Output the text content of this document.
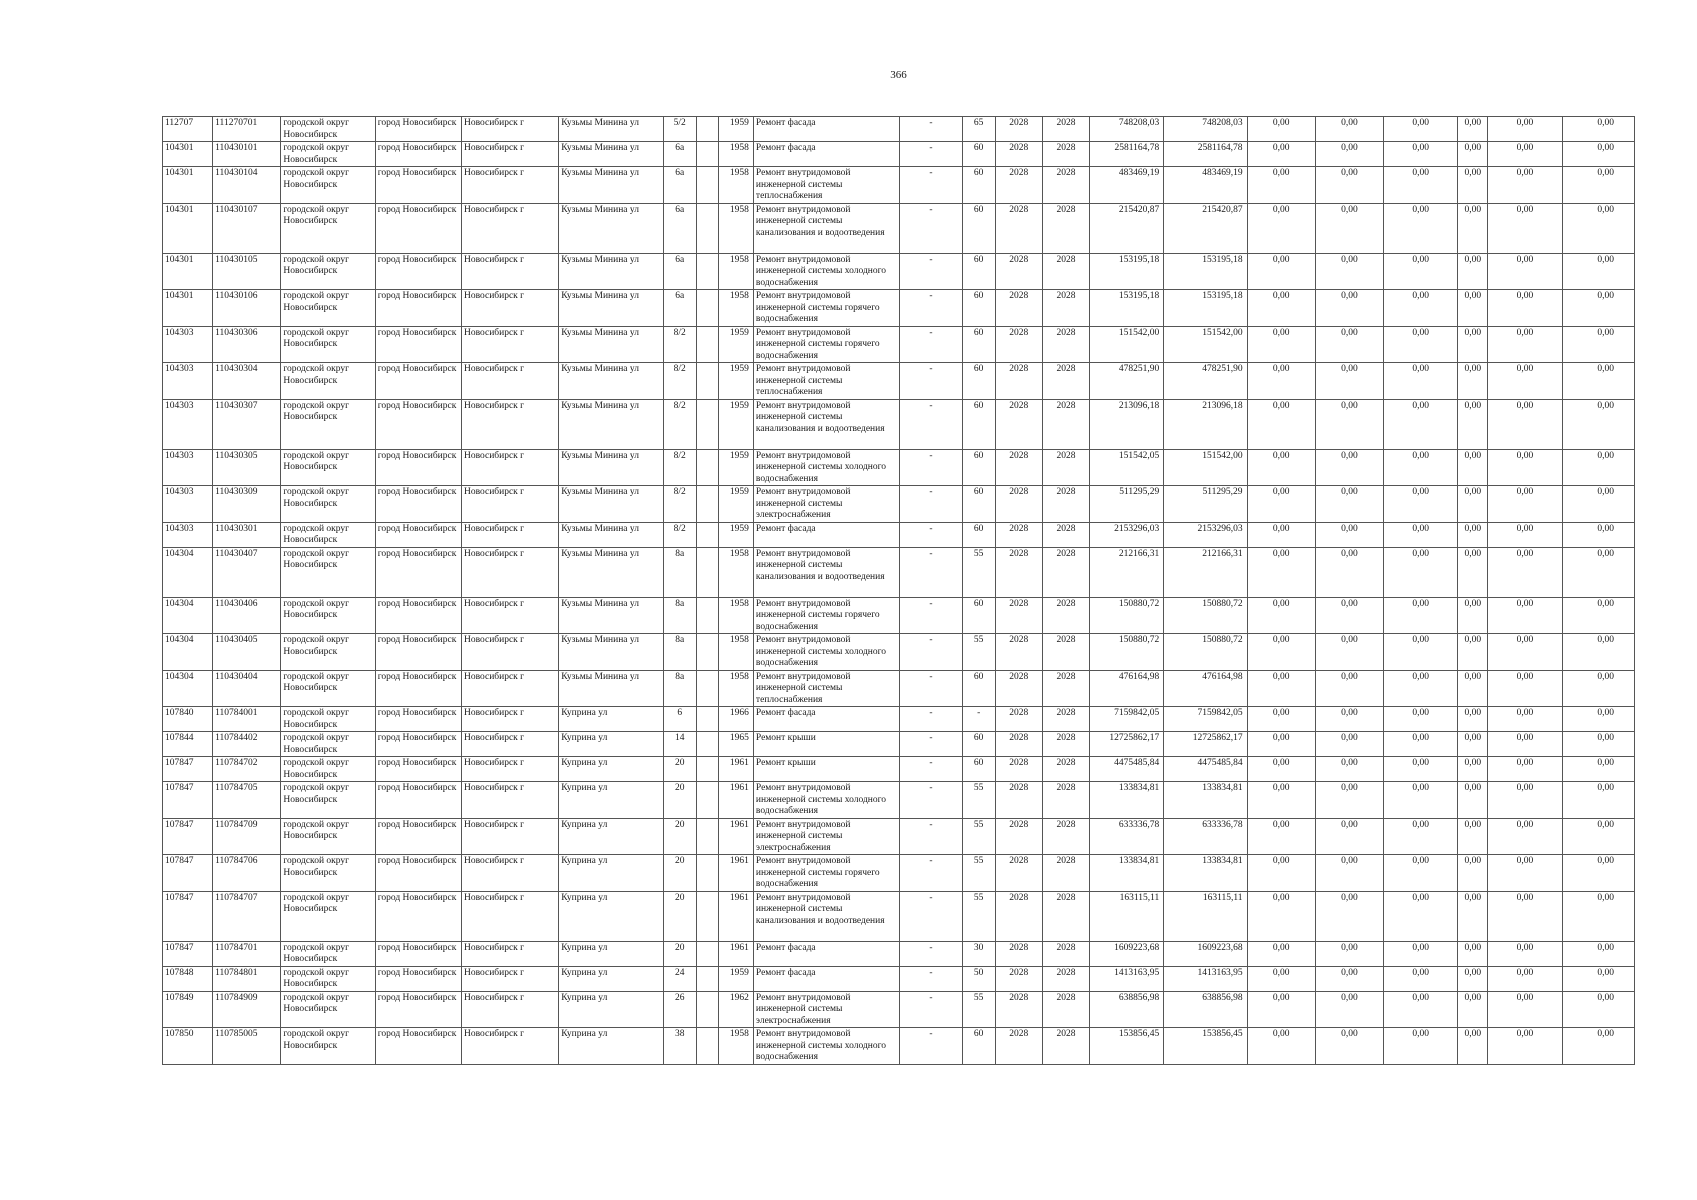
366
112707	111270701	городской округ Новосибирск	город Новосибирск	Новосибирск г	Кузьмы Минина ул	5/2		1959	Ремонт фасада	-	65	2028	2028	748208,03	748208,03	0,00	0,00	0,00	0,00	0,00	0,00
104301	110430101	городской округ Новосибирск	город Новосибирск	Новосибирск г	Кузьмы Минина ул	6а		1958	Ремонт фасада	-	60	2028	2028	2581164,78	2581164,78	0,00	0,00	0,00	0,00	0,00	0,00
104301	110430104	городской округ Новосибирск	город Новосибирск	Новосибирск г	Кузьмы Минина ул	6а		1958	Ремонт внутридомовой инженерной системы теплоснабжения	-	60	2028	2028	483469,19	483469,19	0,00	0,00	0,00	0,00	0,00	0,00
104301	110430107	городской округ Новосибирск	город Новосибирск	Новосибирск г	Кузьмы Минина ул	6а		1958	Ремонт внутридомовой инженерной системы канализования и водоотведения	-	60	2028	2028	215420,87	215420,87	0,00	0,00	0,00	0,00	0,00	0,00
104301	110430105	городской округ Новосибирск	город Новосибирск	Новосибирск г	Кузьмы Минина ул	6а		1958	Ремонт внутридомовой инженерной системы холодного водоснабжения	-	60	2028	2028	153195,18	153195,18	0,00	0,00	0,00	0,00	0,00	0,00
104301	110430106	городской округ Новосибирск	город Новосибирск	Новосибирск г	Кузьмы Минина ул	6а		1958	Ремонт внутридомовой инженерной системы горячего водоснабжения	-	60	2028	2028	153195,18	153195,18	0,00	0,00	0,00	0,00	0,00	0,00
104303	110430306	городской округ Новосибирск	город Новосибирск	Новосибирск г	Кузьмы Минина ул	8/2		1959	Ремонт внутридомовой инженерной системы горячего водоснабжения	-	60	2028	2028	151542,00	151542,00	0,00	0,00	0,00	0,00	0,00	0,00
104303	110430304	городской округ Новосибирск	город Новосибирск	Новосибирск г	Кузьмы Минина ул	8/2		1959	Ремонт внутридомовой инженерной системы теплоснабжения	-	60	2028	2028	478251,90	478251,90	0,00	0,00	0,00	0,00	0,00	0,00
104303	110430307	городской округ Новосибирск	город Новосибирск	Новосибирск г	Кузьмы Минина ул	8/2		1959	Ремонт внутридомовой инженерной системы канализования и водоотведения	-	60	2028	2028	213096,18	213096,18	0,00	0,00	0,00	0,00	0,00	0,00
104303	110430305	городской округ Новосибирск	город Новосибирск	Новосибирск г	Кузьмы Минина ул	8/2		1959	Ремонт внутридомовой инженерной системы холодного водоснабжения	-	60	2028	2028	151542,05	151542,00	0,00	0,00	0,00	0,00	0,00	0,00
104303	110430309	городской округ Новосибирск	город Новосибирск	Новосибирск г	Кузьмы Минина ул	8/2		1959	Ремонт внутридомовой инженерной системы электроснабжения	-	60	2028	2028	511295,29	511295,29	0,00	0,00	0,00	0,00	0,00	0,00
104303	110430301	городской округ Новосибирск	город Новосибирск	Новосибирск г	Кузьмы Минина ул	8/2		1959	Ремонт фасада	-	60	2028	2028	2153296,03	2153296,03	0,00	0,00	0,00	0,00	0,00	0,00
104304	110430407	городской округ Новосибирск	город Новосибирск	Новосибирск г	Кузьмы Минина ул	8а		1958	Ремонт внутридомовой инженерной системы канализования и водоотведения	-	55	2028	2028	212166,31	212166,31	0,00	0,00	0,00	0,00	0,00	0,00
104304	110430406	городской округ Новосибирск	город Новосибирск	Новосибирск г	Кузьмы Минина ул	8а		1958	Ремонт внутридомовой инженерной системы горячего водоснабжения	-	60	2028	2028	150880,72	150880,72	0,00	0,00	0,00	0,00	0,00	0,00
104304	110430405	городской округ Новосибирск	город Новосибирск	Новосибирск г	Кузьмы Минина ул	8а		1958	Ремонт внутридомовой инженерной системы холодного водоснабжения	-	55	2028	2028	150880,72	150880,72	0,00	0,00	0,00	0,00	0,00	0,00
104304	110430404	городской округ Новосибирск	город Новосибирск	Новосибирск г	Кузьмы Минина ул	8а		1958	Ремонт внутридомовой инженерной системы теплоснабжения	-	60	2028	2028	476164,98	476164,98	0,00	0,00	0,00	0,00	0,00	0,00
107840	110784001	городской округ Новосибирск	город Новосибирск	Новосибирск г	Куприна ул	6		1966	Ремонт фасада	-	-	2028	2028	7159842,05	7159842,05	0,00	0,00	0,00	0,00	0,00	0,00
107844	110784402	городской округ Новосибирск	город Новосибирск	Новосибирск г	Куприна ул	14		1965	Ремонт крыши	-	60	2028	2028	12725862,17	12725862,17	0,00	0,00	0,00	0,00	0,00	0,00
107847	110784702	городской округ Новосибирск	город Новосибирск	Новосибирск г	Куприна ул	20		1961	Ремонт крыши	-	60	2028	2028	4475485,84	4475485,84	0,00	0,00	0,00	0,00	0,00	0,00
107847	110784705	городской округ Новосибирск	город Новосибирск	Новосибирск г	Куприна ул	20		1961	Ремонт внутридомовой инженерной системы холодного водоснабжения	-	55	2028	2028	133834,81	133834,81	0,00	0,00	0,00	0,00	0,00	0,00
107847	110784709	городской округ Новосибирск	город Новосибирск	Новосибирск г	Куприна ул	20		1961	Ремонт внутридомовой инженерной системы электроснабжения	-	55	2028	2028	633336,78	633336,78	0,00	0,00	0,00	0,00	0,00	0,00
107847	110784706	городской округ Новосибирск	город Новосибирск	Новосибирск г	Куприна ул	20		1961	Ремонт внутридомовой инженерной системы горячего водоснабжения	-	55	2028	2028	133834,81	133834,81	0,00	0,00	0,00	0,00	0,00	0,00
107847	110784707	городской округ Новосибирск	город Новосибирск	Новосибирск г	Куприна ул	20		1961	Ремонт внутридомовой инженерной системы канализования и водоотведения	-	55	2028	2028	163115,11	163115,11	0,00	0,00	0,00	0,00	0,00	0,00
107847	110784701	городской округ Новосибирск	город Новосибирск	Новосибирск г	Куприна ул	20		1961	Ремонт фасада	-	30	2028	2028	1609223,68	1609223,68	0,00	0,00	0,00	0,00	0,00	0,00
107848	110784801	городской округ Новосибирск	город Новосибирск	Новосибирск г	Куприна ул	24		1959	Ремонт фасада	-	50	2028	2028	1413163,95	1413163,95	0,00	0,00	0,00	0,00	0,00	0,00
107849	110784909	городской округ Новосибирск	город Новосибирск	Новосибирск г	Куприна ул	26		1962	Ремонт внутридомовой инженерной системы электроснабжения	-	55	2028	2028	638856,98	638856,98	0,00	0,00	0,00	0,00	0,00	0,00
107850	110785005	городской округ Новосибирск	город Новосибирск	Новосибирск г	Куприна ул	38		1958	Ремонт внутридомовой инженерной системы холодного водоснабжения	-	60	2028	2028	153856,45	153856,45	0,00	0,00	0,00	0,00	0,00	0,00
